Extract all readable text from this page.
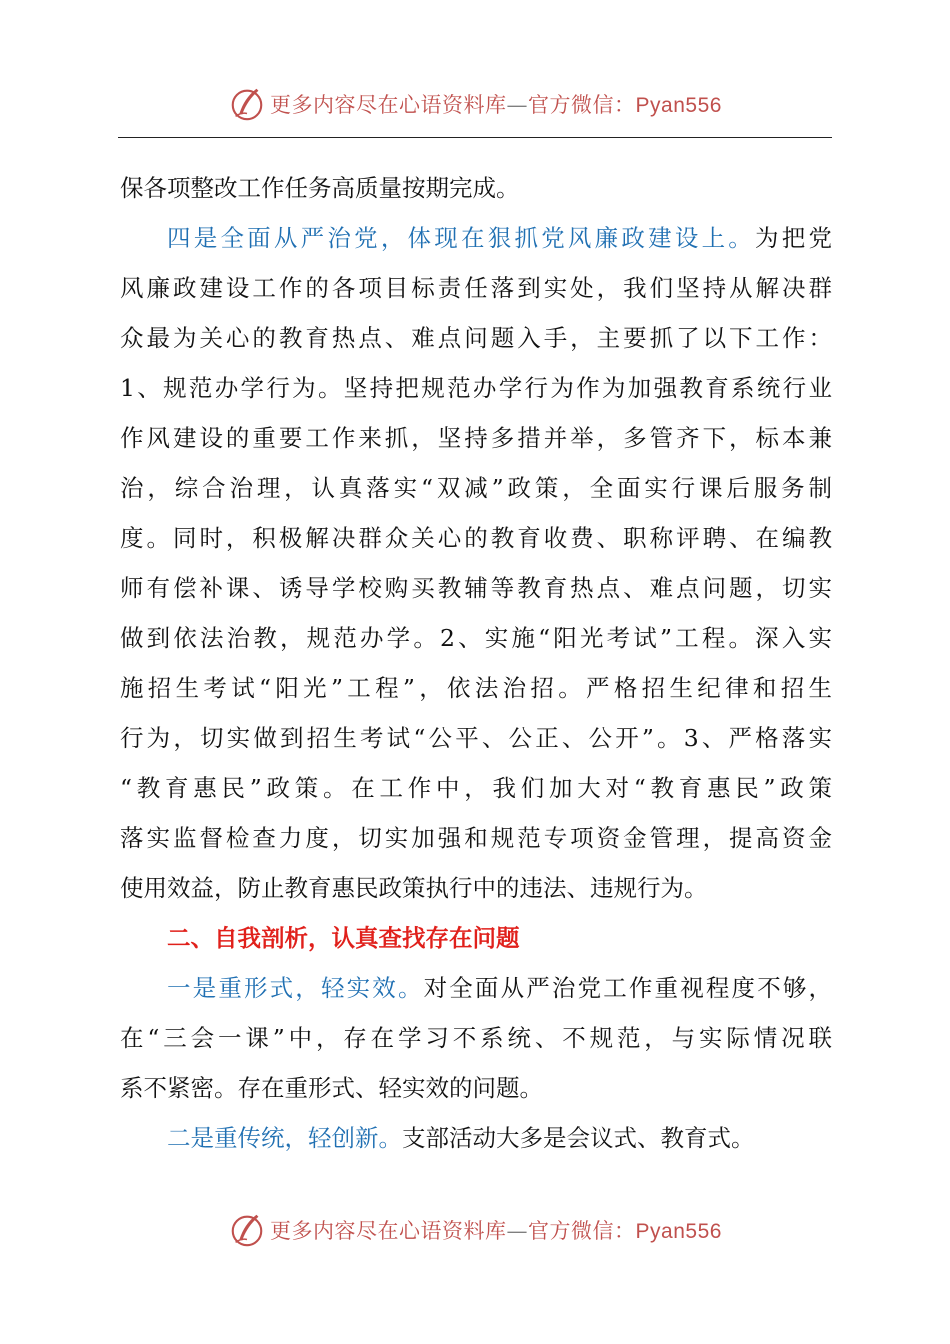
更多内容尽在心语资料库—官方微信：Pyan556
保各项整改工作任务高质量按期完成。
四是全面从严治党，体现在狠抓党风廉政建设上。为把党
风廉政建设工作的各项目标责任落到实处，我们坚持从解决群
众最为关心的教育热点、难点问题入手，主要抓了以下工作：
1、规范办学行为。坚持把规范办学行为作为加强教育系统行业
作风建设的重要工作来抓，坚持多措并举，多管齐下，标本兼
治，综合治理，认真落实“双减”政策，全面实行课后服务制
度。同时，积极解决群众关心的教育收费、职称评聘、在编教
师有偿补课、诱导学校购买教辅等教育热点、难点问题，切实
做到依法治教，规范办学。2、实施“阳光考试”工程。深入实
施招生考试“阳光”工程”，依法治招。严格招生纪律和招生
行为，切实做到招生考试“公平、公正、公开”。3、严格落实
“教育惠民”政策。在工作中，我们加大对“教育惠民”政策
落实监督检查力度，切实加强和规范专项资金管理，提高资金
使用效益，防止教育惠民政策执行中的违法、违规行为。
二、自我剖析，认真查找存在问题
一是重形式，轻实效。对全面从严治党工作重视程度不够，
在“三会一课”中，存在学习不系统、不规范，与实际情况联
系不紧密。存在重形式、轻实效的问题。
二是重传统，轻创新。支部活动大多是会议式、教育式。
更多内容尽在心语资料库—官方微信：Pyan556
